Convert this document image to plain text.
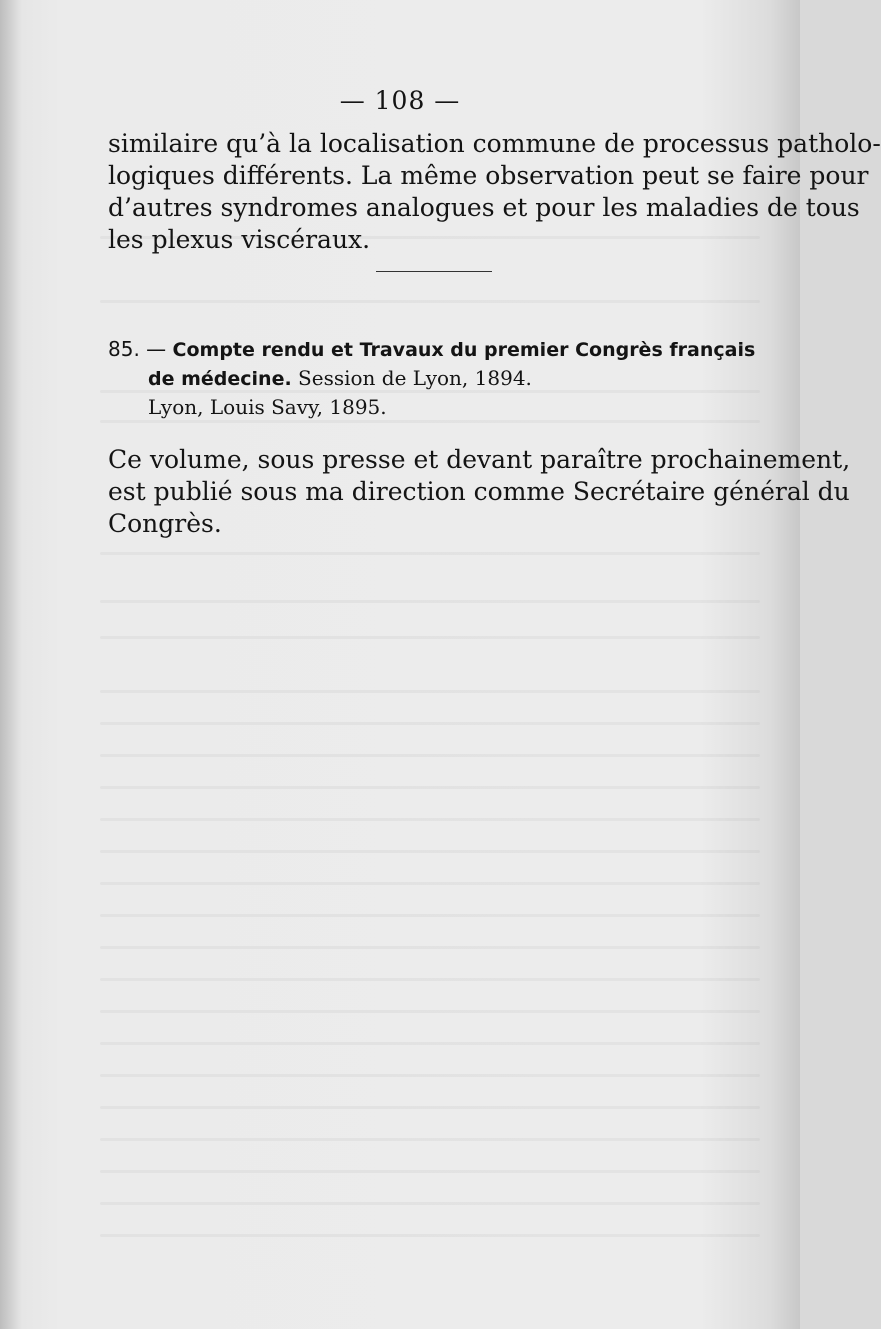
— 108 —
similaire qu’à la localisation commune de processus patholo-
logiques différents. La même observation peut se faire pour
d’autres syndromes analogues et pour les maladies de tous
les plexus viscéraux.
85. — Compte rendu et Travaux du premier Congrès français
de médecine. Session de Lyon, 1894.
Lyon, Louis Savy, 1895.
Ce volume, sous presse et devant paraître prochainement,
est publié sous ma direction comme Secrétaire général du
Congrès.
